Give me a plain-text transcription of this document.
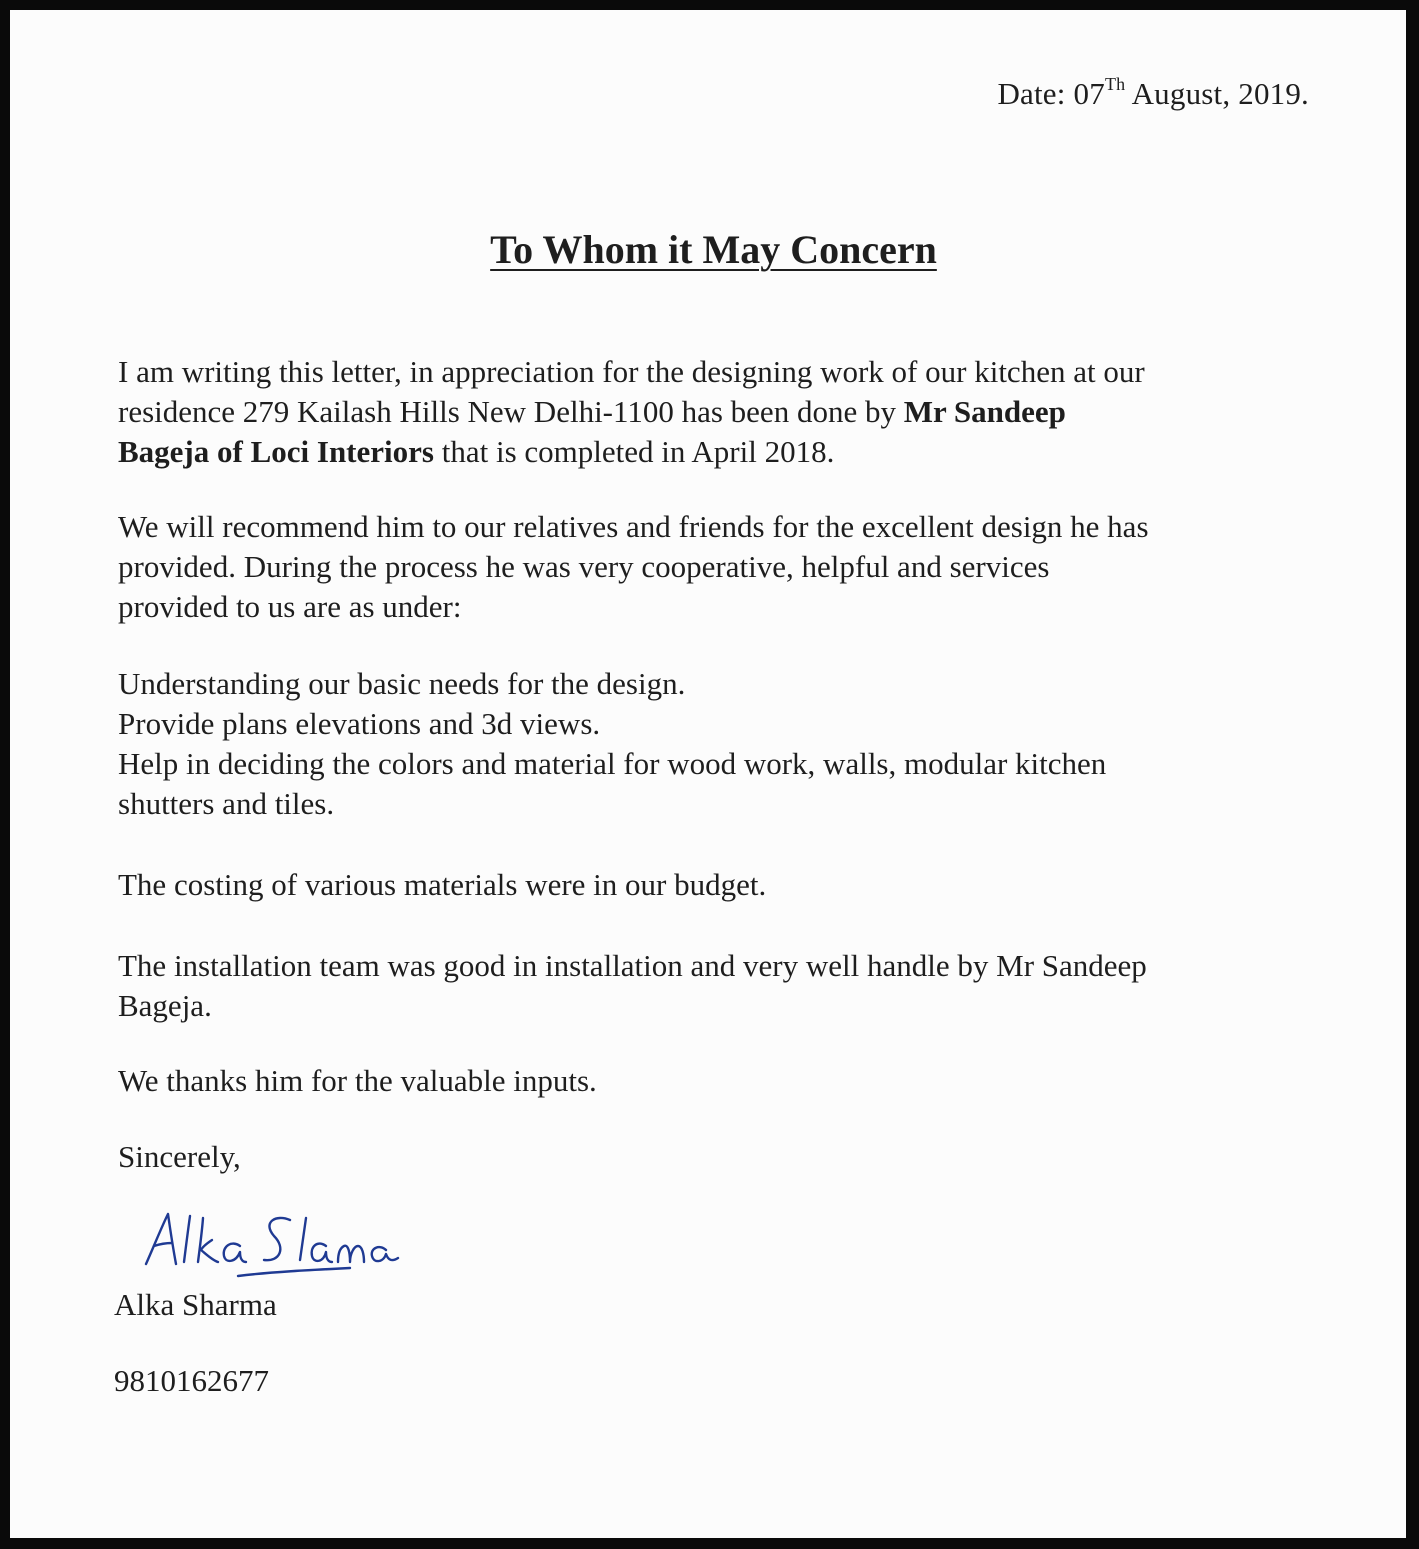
Date: 07Th August, 2019.
To Whom it May Concern

I am writing this letter, in appreciation for the designing work of our kitchen at our
residence 279 Kailash Hills New Delhi-1100 has been done by Mr Sandeep
Bageja of Loci Interiors that is completed in April 2018.

We will recommend him to our relatives and friends for the excellent design he has
provided. During the process he was very cooperative, helpful and services
provided to us are as under:

Understanding our basic needs for the design.
Provide plans elevations and 3d views.
Help in deciding the colors and material for wood work, walls, modular kitchen
shutters and tiles.

The costing of various materials were in our budget.

The installation team was good in installation and very well handle by Mr Sandeep
Bageja.

We thanks him for the valuable inputs.

Sincerely,

Alka Sharma
9810162677
